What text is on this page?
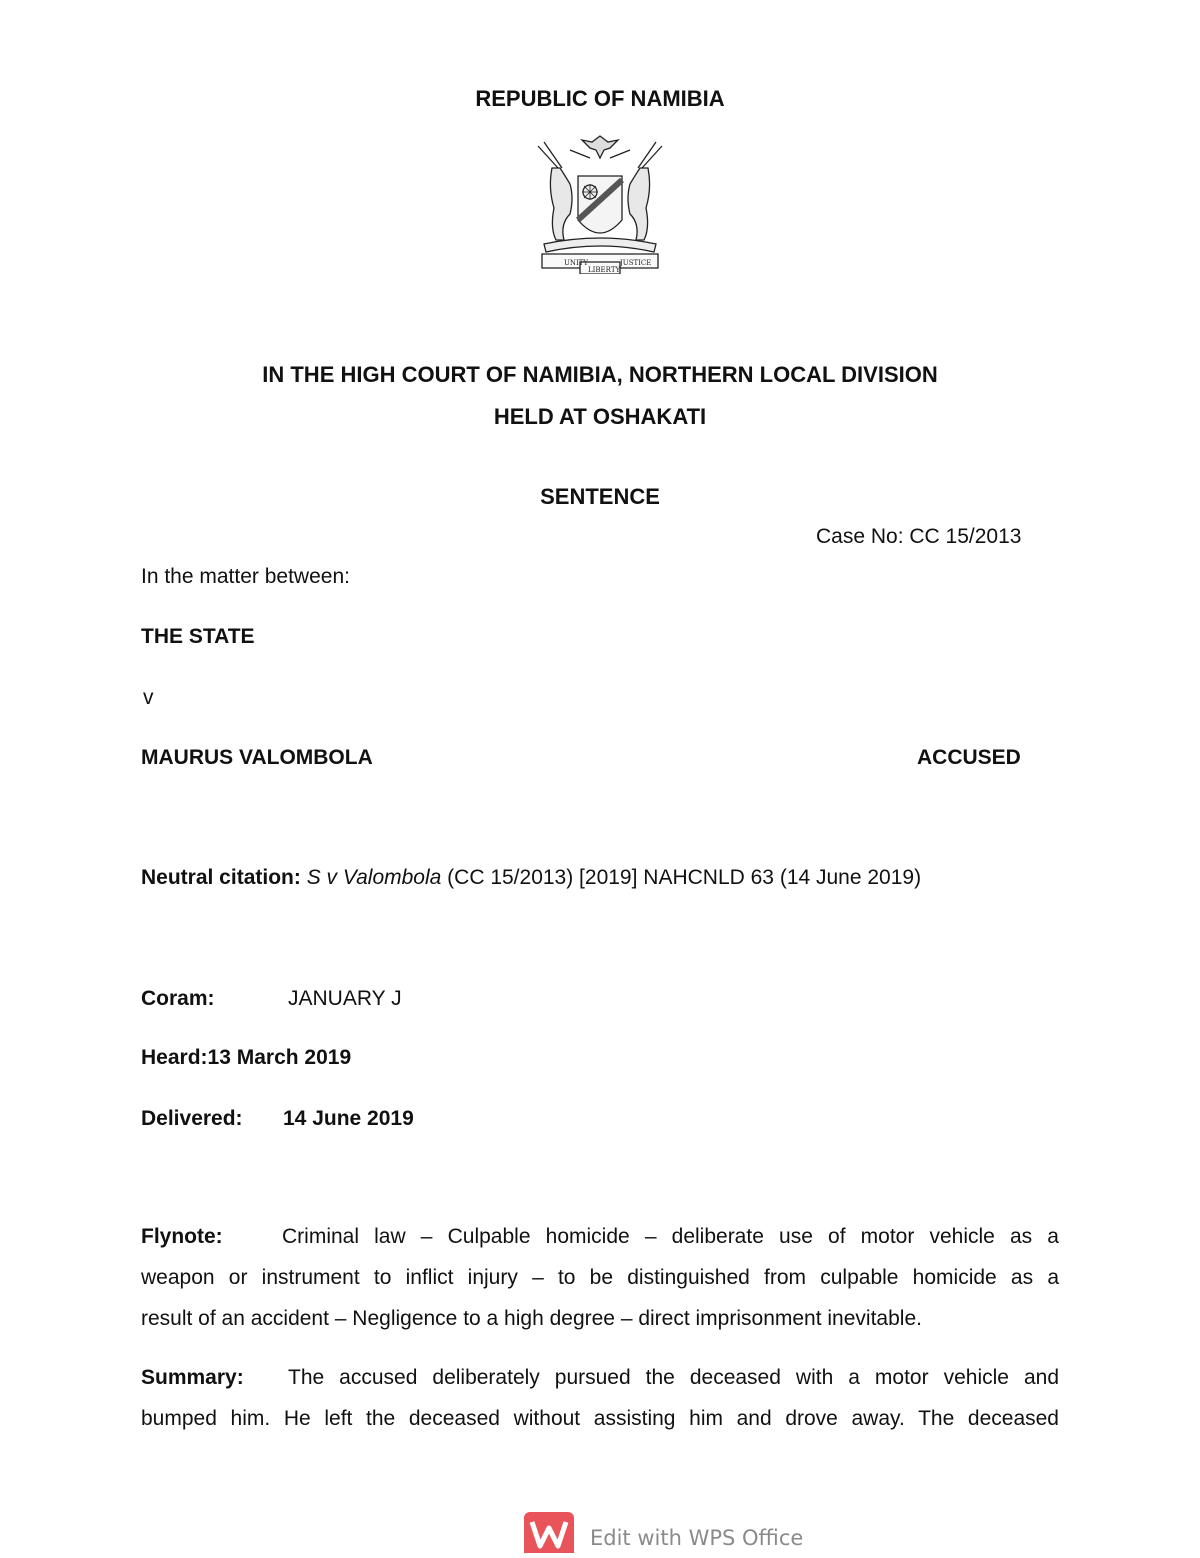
REPUBLIC OF NAMIBIA
UNITY
LIBERTY
JUSTICE
IN THE HIGH COURT OF NAMIBIA, NORTHERN LOCAL DIVISION
HELD AT OSHAKATI
SENTENCE
Case No: CC 15/2013
In the matter between:
THE STATE
v
MAURUS VALOMBOLA	ACCUSED
Neutral citation: S v Valombola (CC 15/2013) [2019] NAHCNLD 63 (14 June 2019)
Coram:	JANUARY J
Heard:13 March 2019
Delivered: 14 June 2019
Flynote:	Criminal law – Culpable homicide – deliberate use of motor vehicle as a
weapon or instrument to inflict injury – to be distinguished from culpable homicide as a
result of an accident – Negligence to a high degree – direct imprisonment inevitable.
Summary: The accused deliberately pursued the deceased with a motor vehicle and
bumped him. He left the deceased without assisting him and drove away. The deceased
Edit with WPS Office
